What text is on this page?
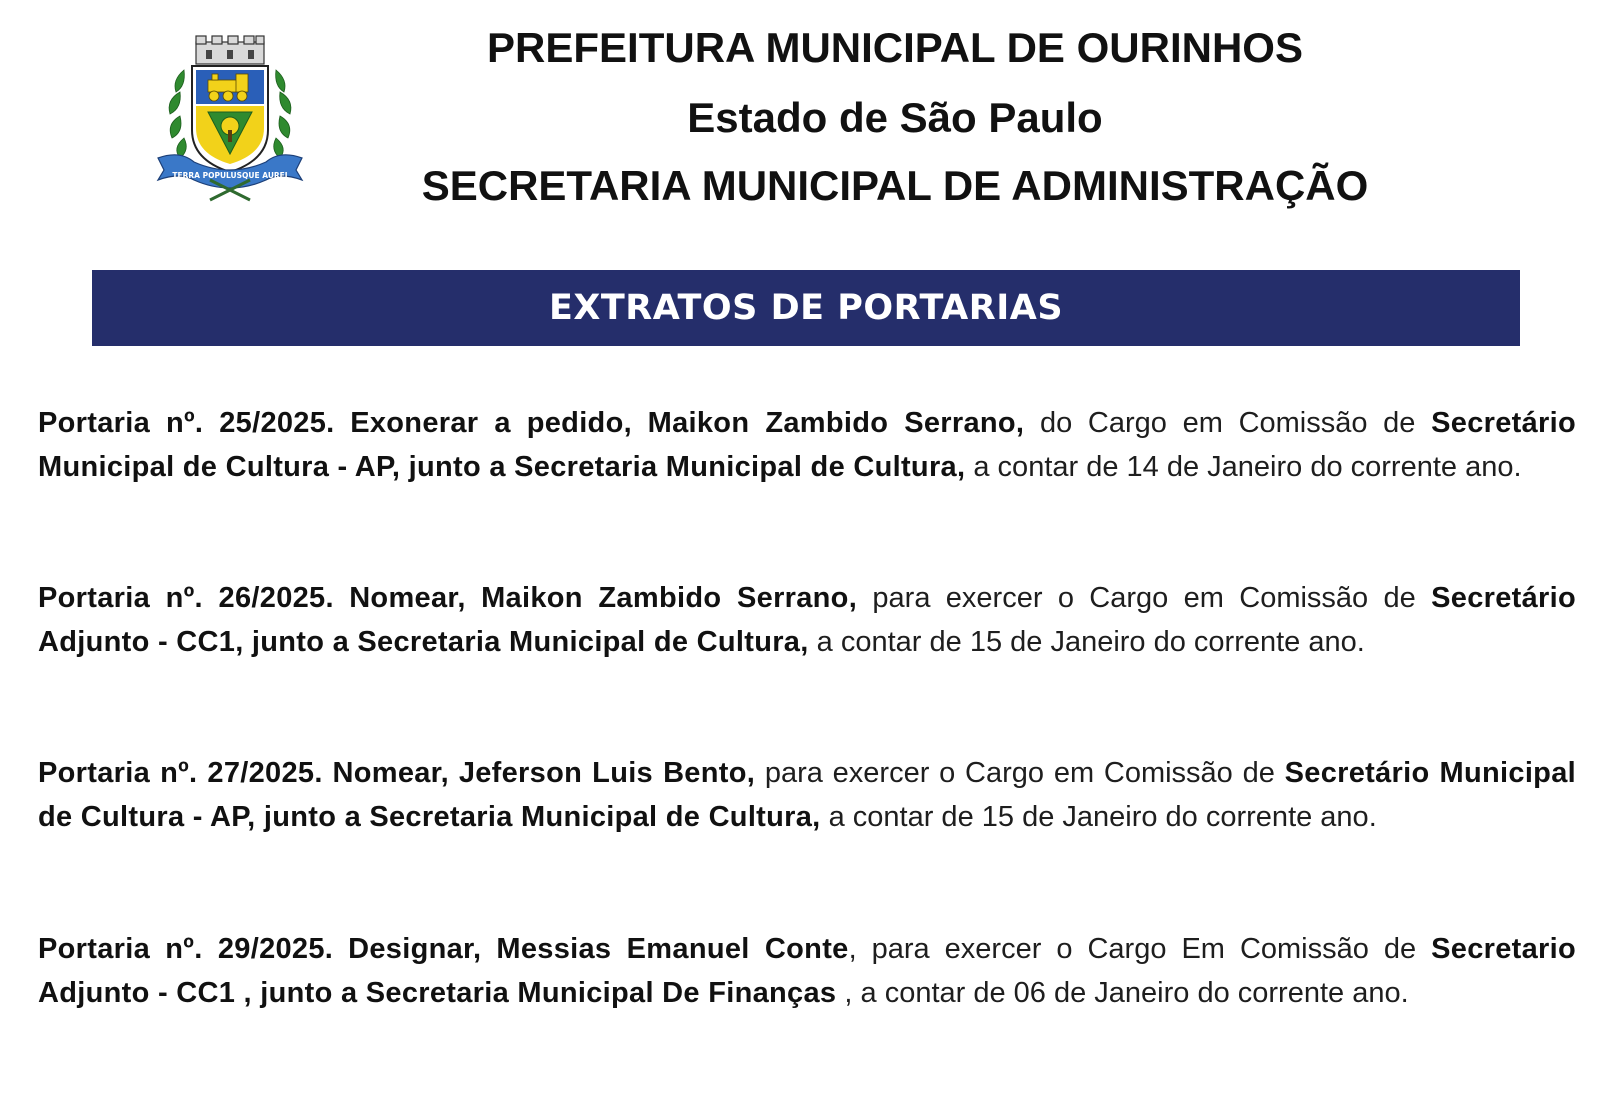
TERRA POPULUSQUE AUREI
PREFEITURA MUNICIPAL DE OURINHOS
Estado de São Paulo
SECRETARIA MUNICIPAL DE ADMINISTRAÇÃO
EXTRATOS DE PORTARIAS

Portaria nº. 25/2025. Exonerar a pedido, Maikon Zambido Serrano, do Cargo em Comissão de Secretário Municipal de Cultura - AP, junto a Secretaria Municipal de Cultura, a contar de 14 de Janeiro do corrente ano.

Portaria nº. 26/2025. Nomear, Maikon Zambido Serrano, para exercer o Cargo em Comissão de Secretário Adjunto - CC1, junto a Secretaria Municipal de Cultura, a contar de 15 de Janeiro do corrente ano.

Portaria nº. 27/2025. Nomear, Jeferson Luis Bento, para exercer o Cargo em Comissão de Secretário Municipal de Cultura - AP, junto a Secretaria Municipal de Cultura, a contar de 15 de Janeiro do corrente ano.

Portaria nº. 29/2025. Designar, Messias Emanuel Conte, para exercer o Cargo Em Comissão de Secretario Adjunto - CC1 , junto a Secretaria Municipal De Finanças , a contar de 06 de Janeiro do corrente ano.
